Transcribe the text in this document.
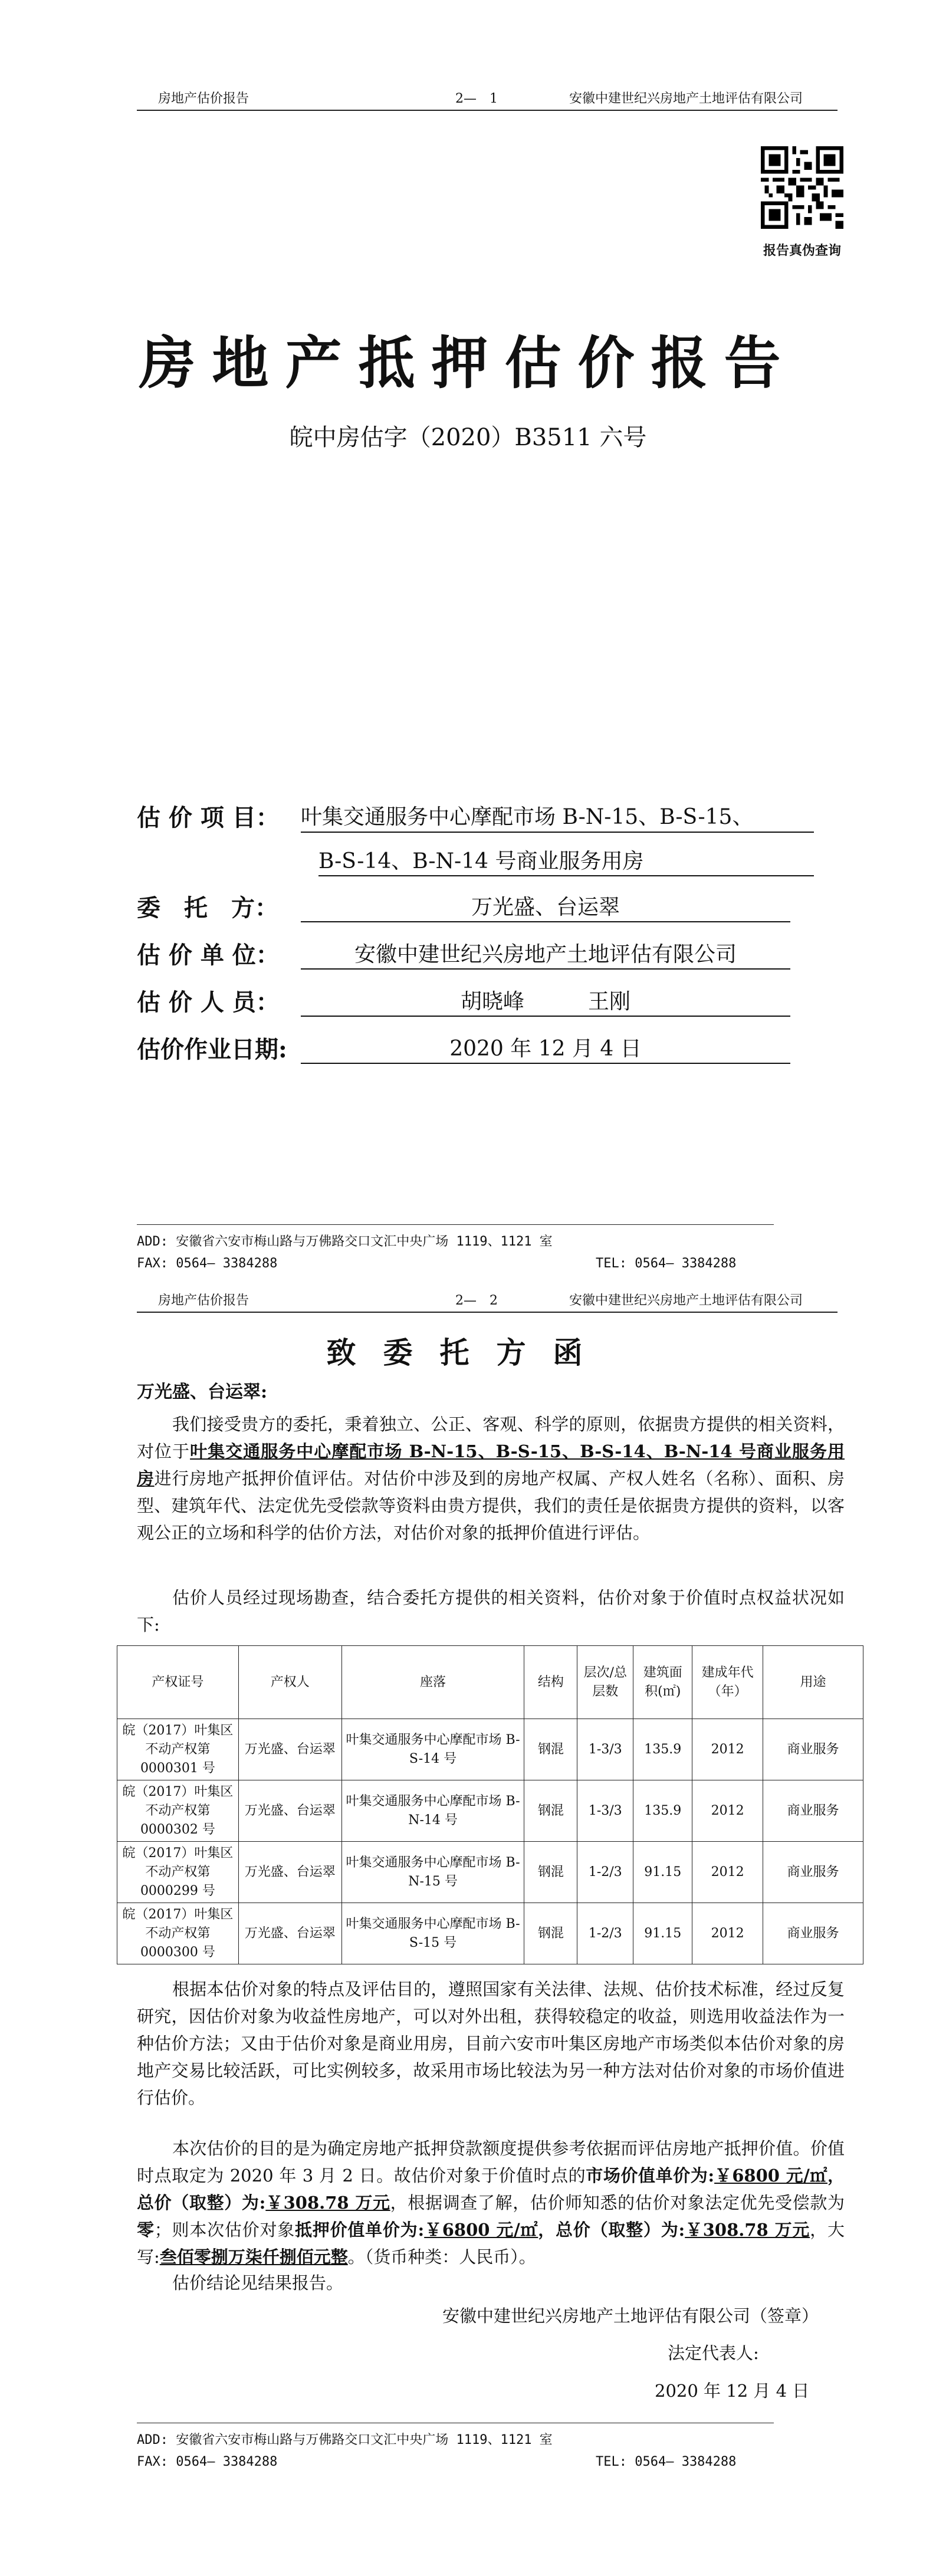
房地产估价报告	2—　1	安徽中建世纪兴房地产土地评估有限公司
报告真伪查询
房地产抵押估价报告
皖中房估字（2020）B3511 六号
估 价 项 目： 叶集交通服务中心摩配市场 B-N-15、B-S-15、
B-S-14、B-N-14 号商业服务用房
委　托　方：	万光盛、台运翠
估 价 单 位：	安徽中建世纪兴房地产土地评估有限公司
估 价 人 员：	胡晓峰　　　王刚
估价作业日期:	2020 年 12 月 4 日
ADD: 安徽省六安市梅山路与万佛路交口文汇中央广场 1119、1121 室
FAX: 0564— 3384288	TEL: 0564— 3384288
房地产估价报告	2—　2	安徽中建世纪兴房地产土地评估有限公司
致委托方函
万光盛、台运翠:
我们接受贵方的委托，秉着独立、公正、客观、科学的原则，依据贵方提供的相关资料，对位于叶集交通服务中心摩配市场 B-N-15、B-S-15、B-S-14、B-N-14 号商业服务用房进行房地产抵押价值评估。对估价中涉及到的房地产权属、产权人姓名（名称）、面积、房型、建筑年代、法定优先受偿款等资料由贵方提供，我们的责任是依据贵方提供的资料，以客观公正的立场和科学的估价方法，对估价对象的抵押价值进行评估。
估价人员经过现场勘查，结合委托方提供的相关资料，估价对象于价值时点权益状况如下:
产权证号	产权人	座落	结构	层次/总层数	建筑面积(㎡)	建成年代（年）	用途
皖（2017）叶集区不动产权第0000301 号	万光盛、台运翠	叶集交通服务中心摩配市场 B-S-14 号	钢混	1-3/3	135.9	2012	商业服务
皖（2017）叶集区不动产权第0000302 号	万光盛、台运翠	叶集交通服务中心摩配市场 B-N-14 号	钢混	1-3/3	135.9	2012	商业服务
皖（2017）叶集区不动产权第0000299 号	万光盛、台运翠	叶集交通服务中心摩配市场 B-N-15 号	钢混	1-2/3	91.15	2012	商业服务
皖（2017）叶集区不动产权第0000300 号	万光盛、台运翠	叶集交通服务中心摩配市场 B-S-15 号	钢混	1-2/3	91.15	2012	商业服务
根据本估价对象的特点及评估目的，遵照国家有关法律、法规、估价技术标准，经过反复研究，因估价对象为收益性房地产，可以对外出租，获得较稳定的收益，则选用收益法作为一种估价方法；又由于估价对象是商业用房，目前六安市叶集区房地产市场类似本估价对象的房地产交易比较活跃，可比实例较多，故采用市场比较法为另一种方法对估价对象的市场价值进行估价。
本次估价的目的是为确定房地产抵押贷款额度提供参考依据而评估房地产抵押价值。价值时点取定为 2020 年 3 月 2 日。故估价对象于价值时点的市场价值单价为:￥6800 元/㎡，总价（取整）为:￥308.78 万元，根据调查了解，估价师知悉的估价对象法定优先受偿款为零；则本次估价对象抵押价值单价为:￥6800 元/㎡，总价（取整）为:￥308.78 万元，大写:叁佰零捌万柒仟捌佰元整。（货币种类：人民币）。
估价结论见结果报告。
安徽中建世纪兴房地产土地评估有限公司（签章）
法定代表人:
2020 年 12 月 4 日
ADD: 安徽省六安市梅山路与万佛路交口文汇中央广场 1119、1121 室
FAX: 0564— 3384288	TEL: 0564— 3384288
